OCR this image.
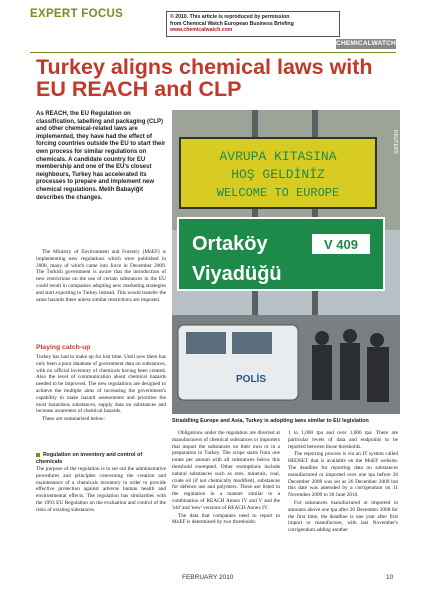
EXPERT FOCUS	© 2010. This article is reproduced by permission
from Chemical Watch European Business Briefing
www.chemicalwatch.com
CHEMICALWATCH
Turkey aligns chemical laws with EU REACH and CLP
As REACH, the EU Regulation on classification, labelling and packaging (CLP) and other chemical-related laws are implemented, they have had the effect of forcing countries outside the EU to start their own process for similar regulations on chemicals. A candidate country for EU membership and one of the EU's closest neighbours, Turkey has accelerated its processes to prepare and implement new chemical regulations. Melih Babayiğit describes the changes.

The Ministry of Environment and Forestry (MoEF) is implementing new regulations which were published in 2008, many of which came into force in December 2009. The Turkish government is aware that the introduction of new restrictions on the use of certain substances in the EU could result in companies adopting new marketing strategies and start exporting to Turkey instead. This would transfer the same hazards there unless similar restrictions are imposed.

Playing catch-up

Turkey has had to make up for lost time. Until now there has only been a poor database of government data on substances, with no official inventory of chemicals having been created. Also the level of communication about chemical hazards needed to be improved. The new regulations are designed to achieve the multiple aims of increasing the government's capability to make hazard assessments and prioritise the most hazardous substances, supply data on substances and increase awareness of chemical hazards.

These are summarised below:

Regulation on inventory and control of chemicals

The purpose of the regulation is to set out the administrative procedures and principles concerning the creation and maintenance of a chemicals inventory in order to provide effective protection against adverse human health and environmental effects. The regulation has similarities with the 1993 EU Regulation on the evaluation and control of the risks of existing substances.

AVRUPA KITASINA
HOŞ GELDİNİZ
WELCOME TO EUROPE
Ortaköy	V 409
Viyadüğü
POLİS
REUTERS
Straddling Europe and Asia, Turkey is adopting laws similar to EU legislation

Obligations under the regulation are directed at manufacturers of chemical substances or importers that import the substances on their own or in a preparation to Turkey. The scope starts from one tonne per annum with all substances below this threshold exempted. Other exemptions include natural substances such as ores, minerals, coal, crude oil (if not chemically modified), substances for defence use and polymers. These are listed in the regulation in a manner similar to a combination of REACH Annex IV and V and the 'old' and 'new' versions of REACH Annex IV.

The data that companies need to report to MoEF is determined by two thresholds:

1 to 1,000 tpa and over 1,000 tpa. There are particular levels of data and endpoints to be reported between those thresholds.

The reporting process is via an IT system called HEDSET that is available on the MoEF website. The deadline for reporting data on substances manufactured or imported over one tpa before 26 December 2008 was set as 26 December 2009 but this date was amended by a corrigendum on 11 November 2009 to 30 June 2010.

For substances manufactured or imported in amounts above one tpa after 26 December 2008 for the first time, the deadline is one year after first import or manufacture, with last November's corrigendum adding another

FEBRUARY 2010	10
